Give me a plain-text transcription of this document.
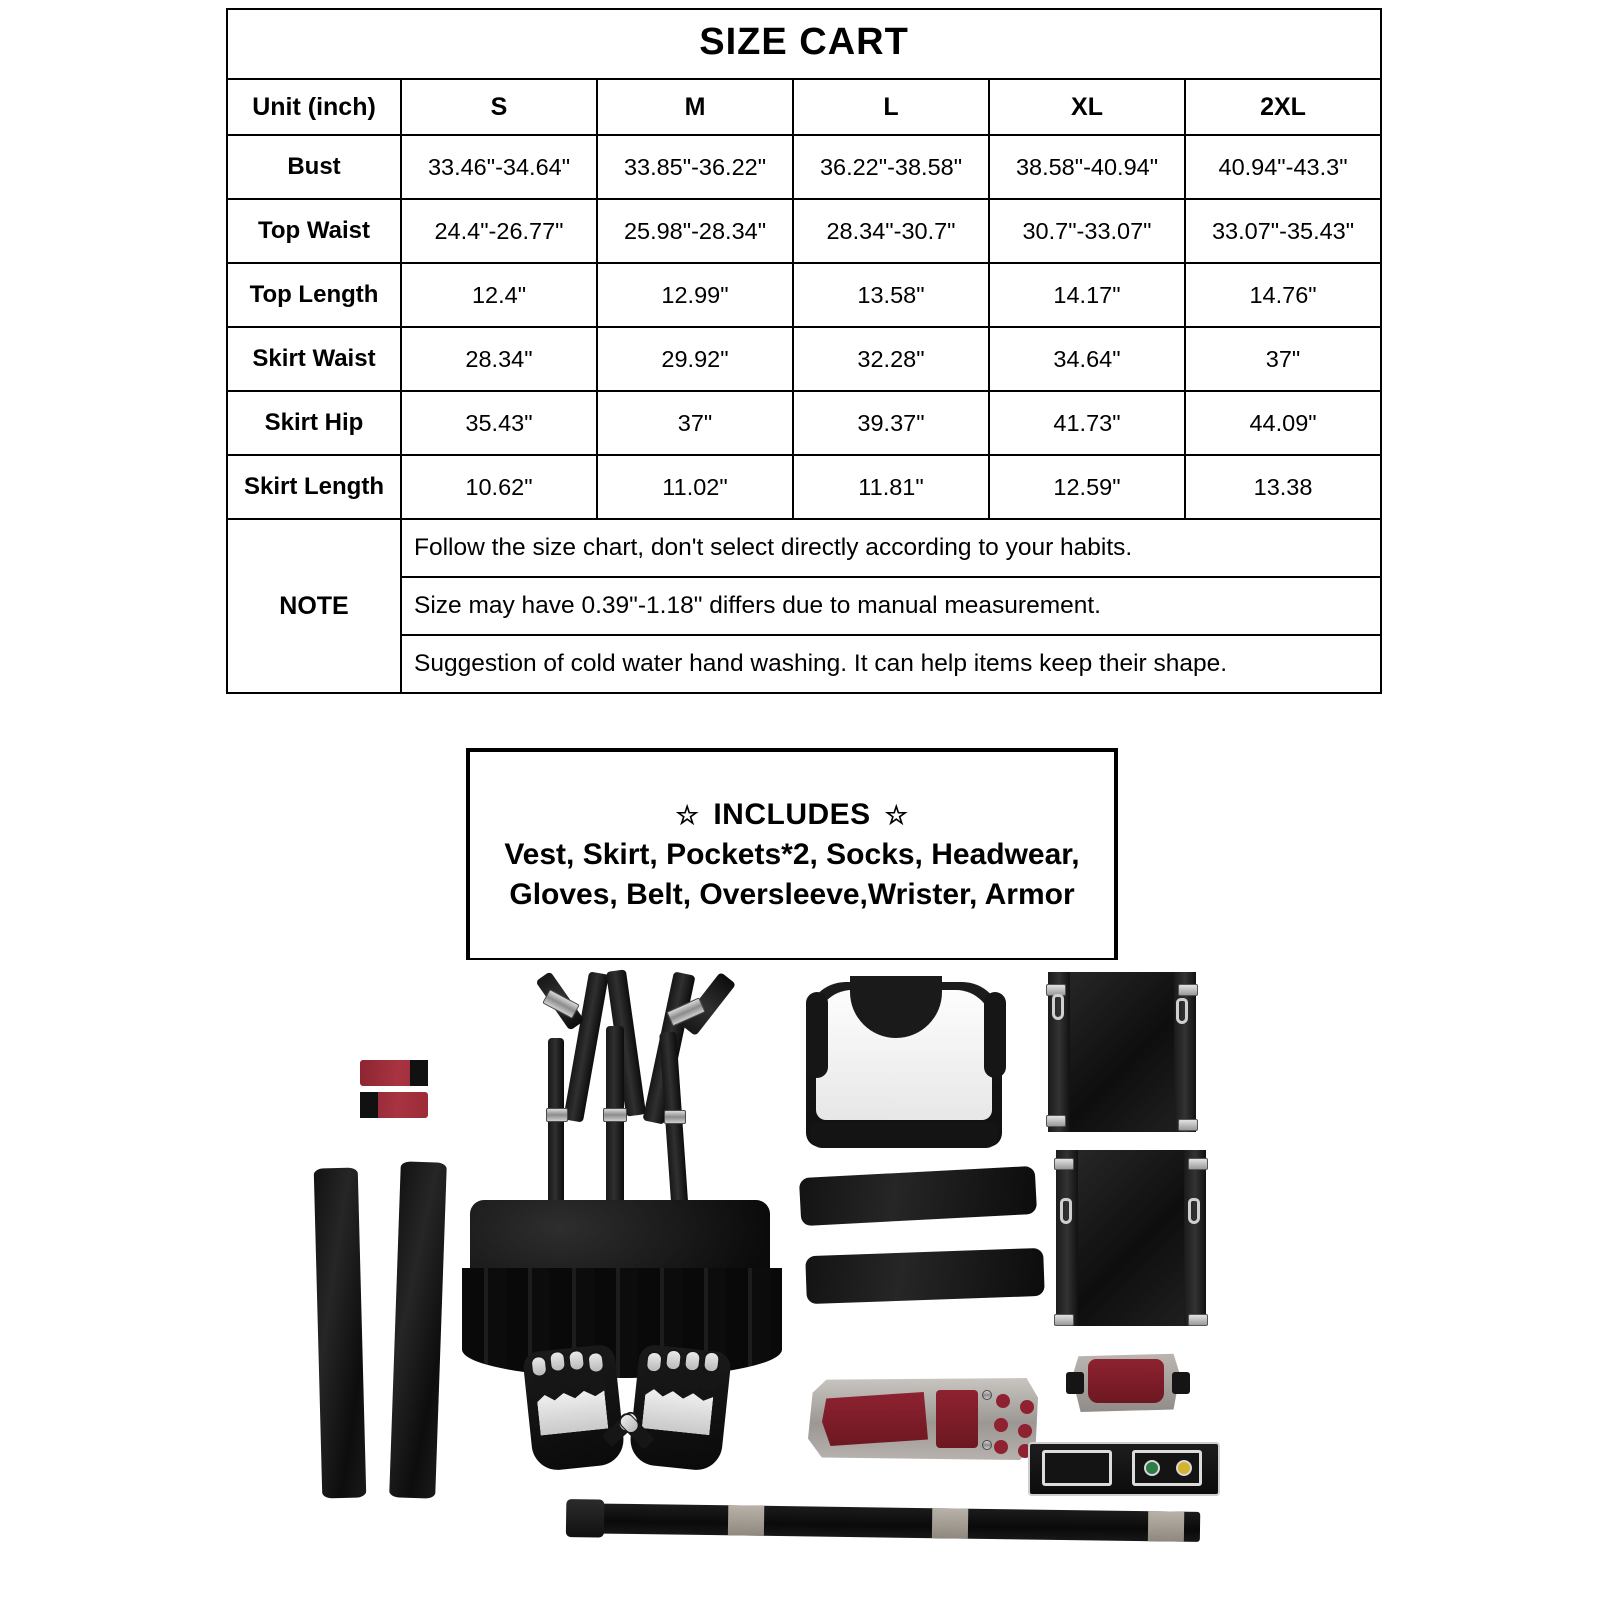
SIZE CART					
Unit (inch)	S	M	L	XL	2XL
Bust	33.46"-34.64"	33.85"-36.22"	36.22"-38.58"	38.58"-40.94"	40.94"-43.3"
Top Waist	24.4"-26.77"	25.98"-28.34"	28.34"-30.7"	30.7"-33.07"	33.07"-35.43"
Top Length	12.4"	12.99"	13.58"	14.17"	14.76"
Skirt Waist	28.34"	29.92"	32.28"	34.64"	37"
Skirt Hip	35.43"	37"	39.37"	41.73"	44.09"
Skirt Length	10.62"	11.02"	11.81"	12.59"	13.38
NOTE	Follow the size chart, don't select directly according to your habits.				
	Size may have 0.39"-1.18" differs due to manual measurement.				
	Suggestion of cold water hand washing. It can help items keep their shape.				
☆ INCLUDES ☆
Vest, Skirt, Pockets*2, Socks, Headwear,
Gloves, Belt, Oversleeve,Wrister, Armor
